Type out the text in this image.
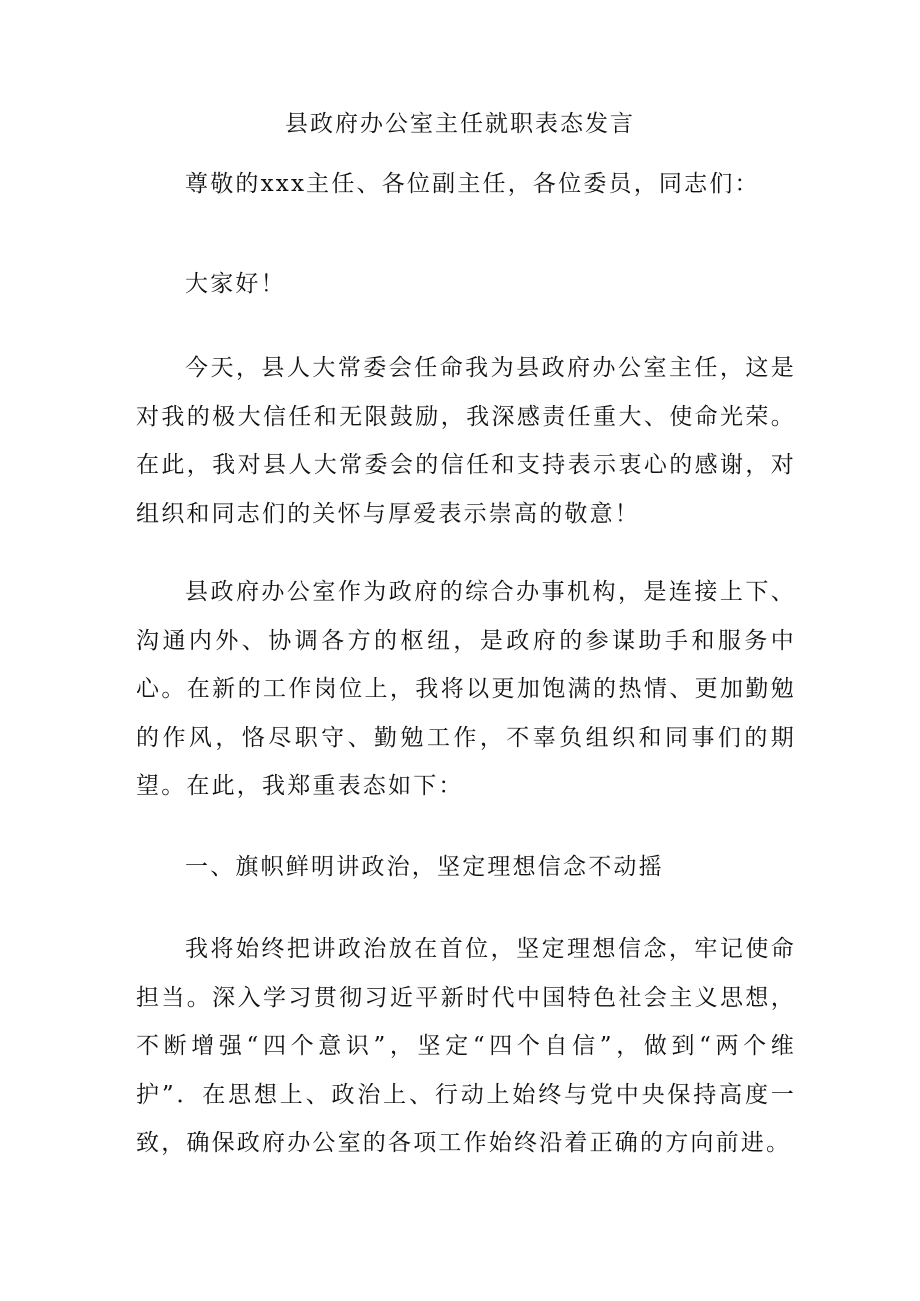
县政府办公室主任就职表态发言

尊敬的xxx主任、各位副主任，各位委员，同志们：

大家好！

今天，县人大常委会任命我为县政府办公室主任，这是对我的极大信任和无限鼓励，我深感责任重大、使命光荣。在此，我对县人大常委会的信任和支持表示衷心的感谢，对组织和同志们的关怀与厚爱表示崇高的敬意！

县政府办公室作为政府的综合办事机构，是连接上下、沟通内外、协调各方的枢纽，是政府的参谋助手和服务中心。在新的工作岗位上，我将以更加饱满的热情、更加勤勉的作风，恪尽职守、勤勉工作，不辜负组织和同事们的期望。在此，我郑重表态如下：

一、旗帜鲜明讲政治，坚定理想信念不动摇

我将始终把讲政治放在首位，坚定理想信念，牢记使命担当。深入学习贯彻习近平新时代中国特色社会主义思想，不断增强“四个意识”，坚定“四个自信”，做到“两个维护”．在思想上、政治上、行动上始终与党中央保持高度一致，确保政府办公室的各项工作始终沿着正确的方向前进。
